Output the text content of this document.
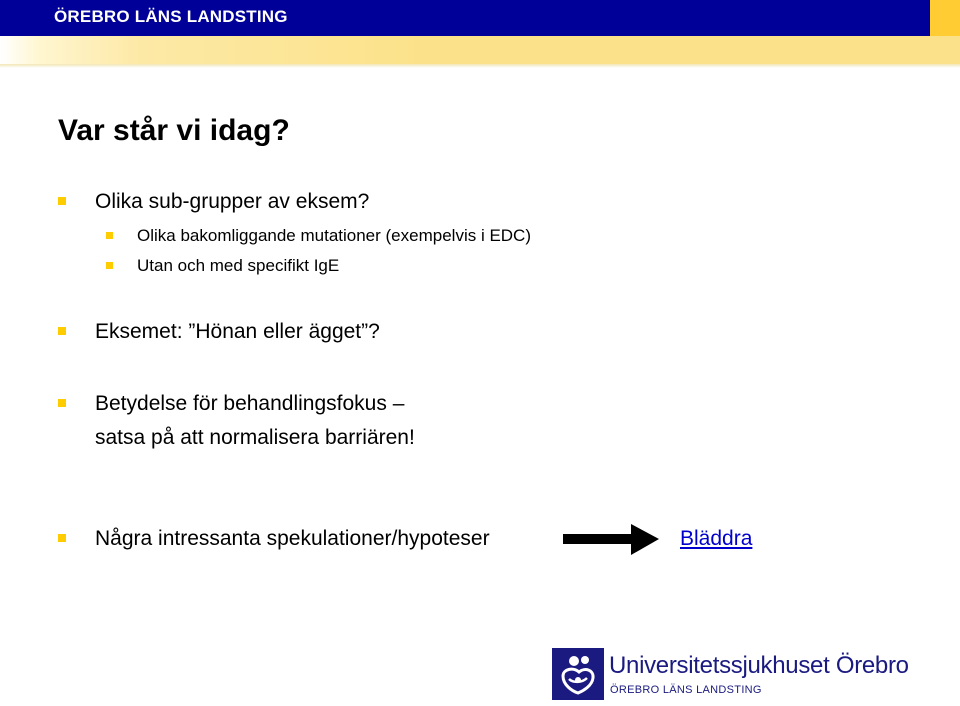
ÖREBRO LÄNS LANDSTING
Var står vi idag?
Olika sub-grupper av eksem?
Olika bakomliggande mutationer (exempelvis i EDC)
Utan och med specifikt IgE
Eksemet: ”Hönan eller ägget”?
Betydelse för behandlingsfokus –
satsa på att normalisera barriären!
Några intressanta spekulationer/hypoteser	Bläddra
Universitetssjukhuset Örebro
ÖREBRO LÄNS LANDSTING
